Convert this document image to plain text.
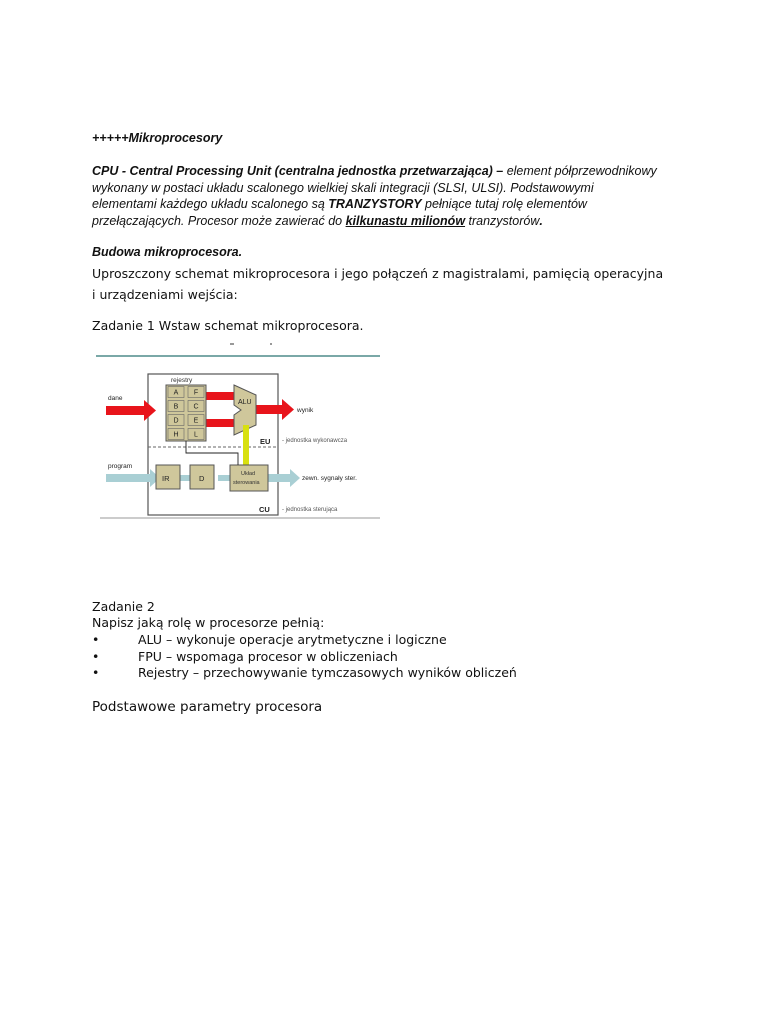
+++++Mikroprocesory
CPU - Central Processing Unit (centralna jednostka przetwarzająca) – element półprzewodnikowy
wykonany w postaci układu scalonego wielkiej skali integracji (SLSI, ULSI). Podstawowymi
elementami każdego układu scalonego są TRANZYSTORY pełniące tutaj rolę elementów
przełączających. Procesor może zawierać do kilkunastu milionów tranzystorów.
Budowa mikroprocesora.
Uproszczony schemat mikroprocesora i jego połączeń z magistralami, pamięcią operacyjna
i urządzeniami wejścia:
Zadanie 1 Wstaw schemat mikroprocesora.
rejestry
A F
B C
D E
H L
ALU
EU - jednostka wykonawcza
dane
program
wynik
IR	D	Układ
sterowania
zewn. sygnały ster.
CU - jednostka sterująca
Zadanie 2
Napisz jaką rolę w procesorze pełnią:
•	ALU – wykonuje operacje arytmetyczne i logiczne
•	FPU – wspomaga procesor w obliczeniach
•	Rejestry – przechowywanie tymczasowych wyników obliczeń
Podstawowe parametry procesora
